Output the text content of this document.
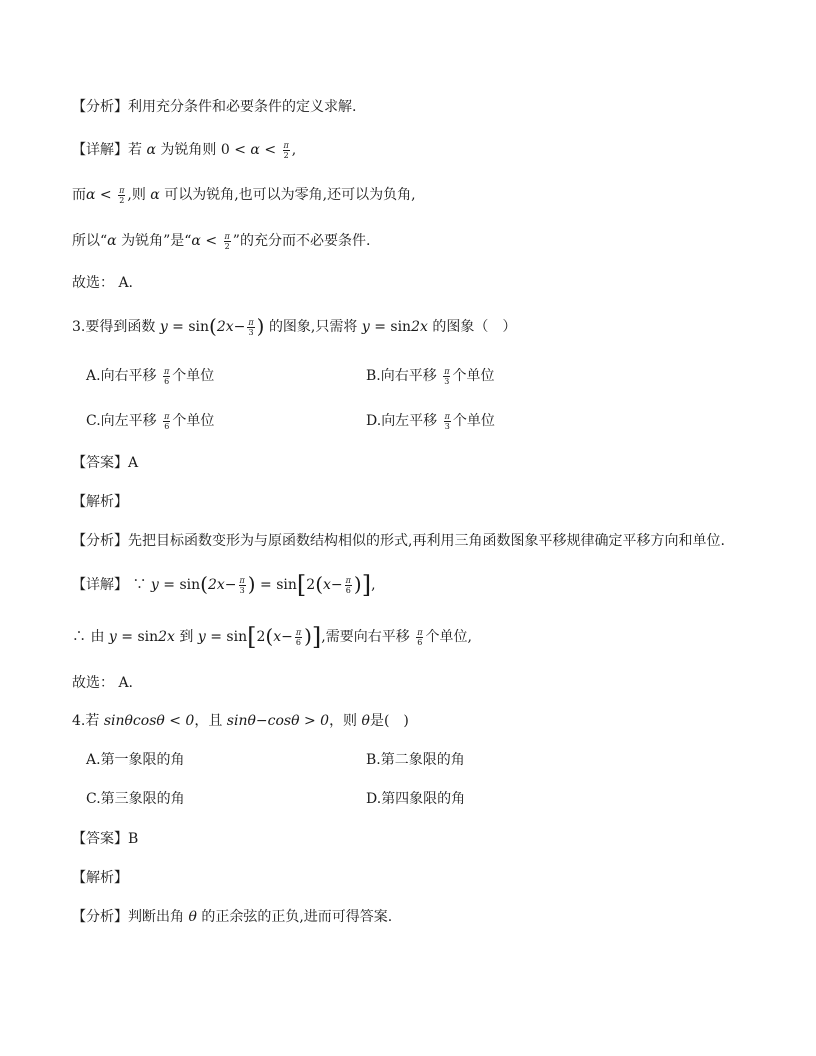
【分析】利用充分条件和必要条件的定义求解.
【详解】若 α 为锐角则 $0 < \alpha < \frac{\pi}{2}$ ,
而$\alpha < \frac{\pi}{2}$ ,则 α 可以为锐角,也可以为零角,还可以为负角,
所以“α 为锐角”是“$\alpha < \frac{\pi}{2}$ ”的充分而不必要条件.
故选： A.
3.要得到函数 $y = \sin(2x- \frac{\pi}{3}$ ) 的图象,只需将 y = sin2x 的图象（　）
A.向右平移 $\frac{\pi}{6}$ 个单位	B.向右平移 $\frac{\pi}{3}$ 个单位
C.向左平移 $\frac{\pi}{6}$ 个单位	D.向左平移 $\frac{\pi}{3}$ 个单位
【答案】A
【解析】
【分析】先把目标函数变形为与原函数结构相似的形式,再利用三角函数图象平移规律确定平移方向和单位.
【详解】 ∵ $y = \sin(2x- \frac{\pi}{3}$ ) = $\sin[2(x- \frac{\pi}{6}$ )],
∴ 由 y = sin2x 到 $y = \sin[2(x- \frac{\pi}{6}$ )],需要向右平移 $\frac{\pi}{6}$ 个单位,
故选： A.
4.若 sinθcosθ < 0，且 sinθ−cosθ > 0，则 θ是(　)
A.第一象限的角	B.第二象限的角
C.第三象限的角	D.第四象限的角
【答案】B
【解析】
【分析】判断出角 θ 的正余弦的正负,进而可得答案.
